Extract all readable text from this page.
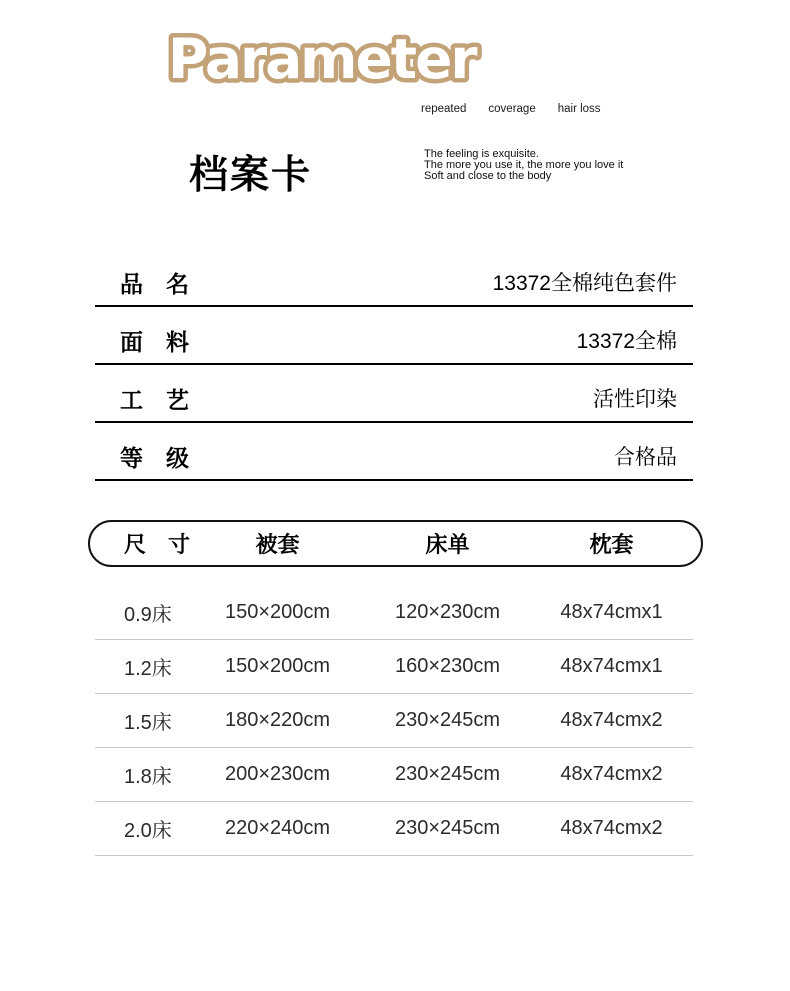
Parameter
repeated coverage hair loss
档案卡	The feeling is exquisite.
The more you use it, the more you love it
Soft and close to the body
品　名	13372全棉纯色套件
面　料	13372全棉
工　艺	活性印染
等　级	合格品
尺　寸	被套	床单	枕套
0.9床	150×200cm	120×230cm	48x74cmx1
1.2床	150×200cm	160×230cm	48x74cmx1
1.5床	180×220cm	230×245cm	48x74cmx2
1.8床	200×230cm	230×245cm	48x74cmx2
2.0床	220×240cm	230×245cm	48x74cmx2
